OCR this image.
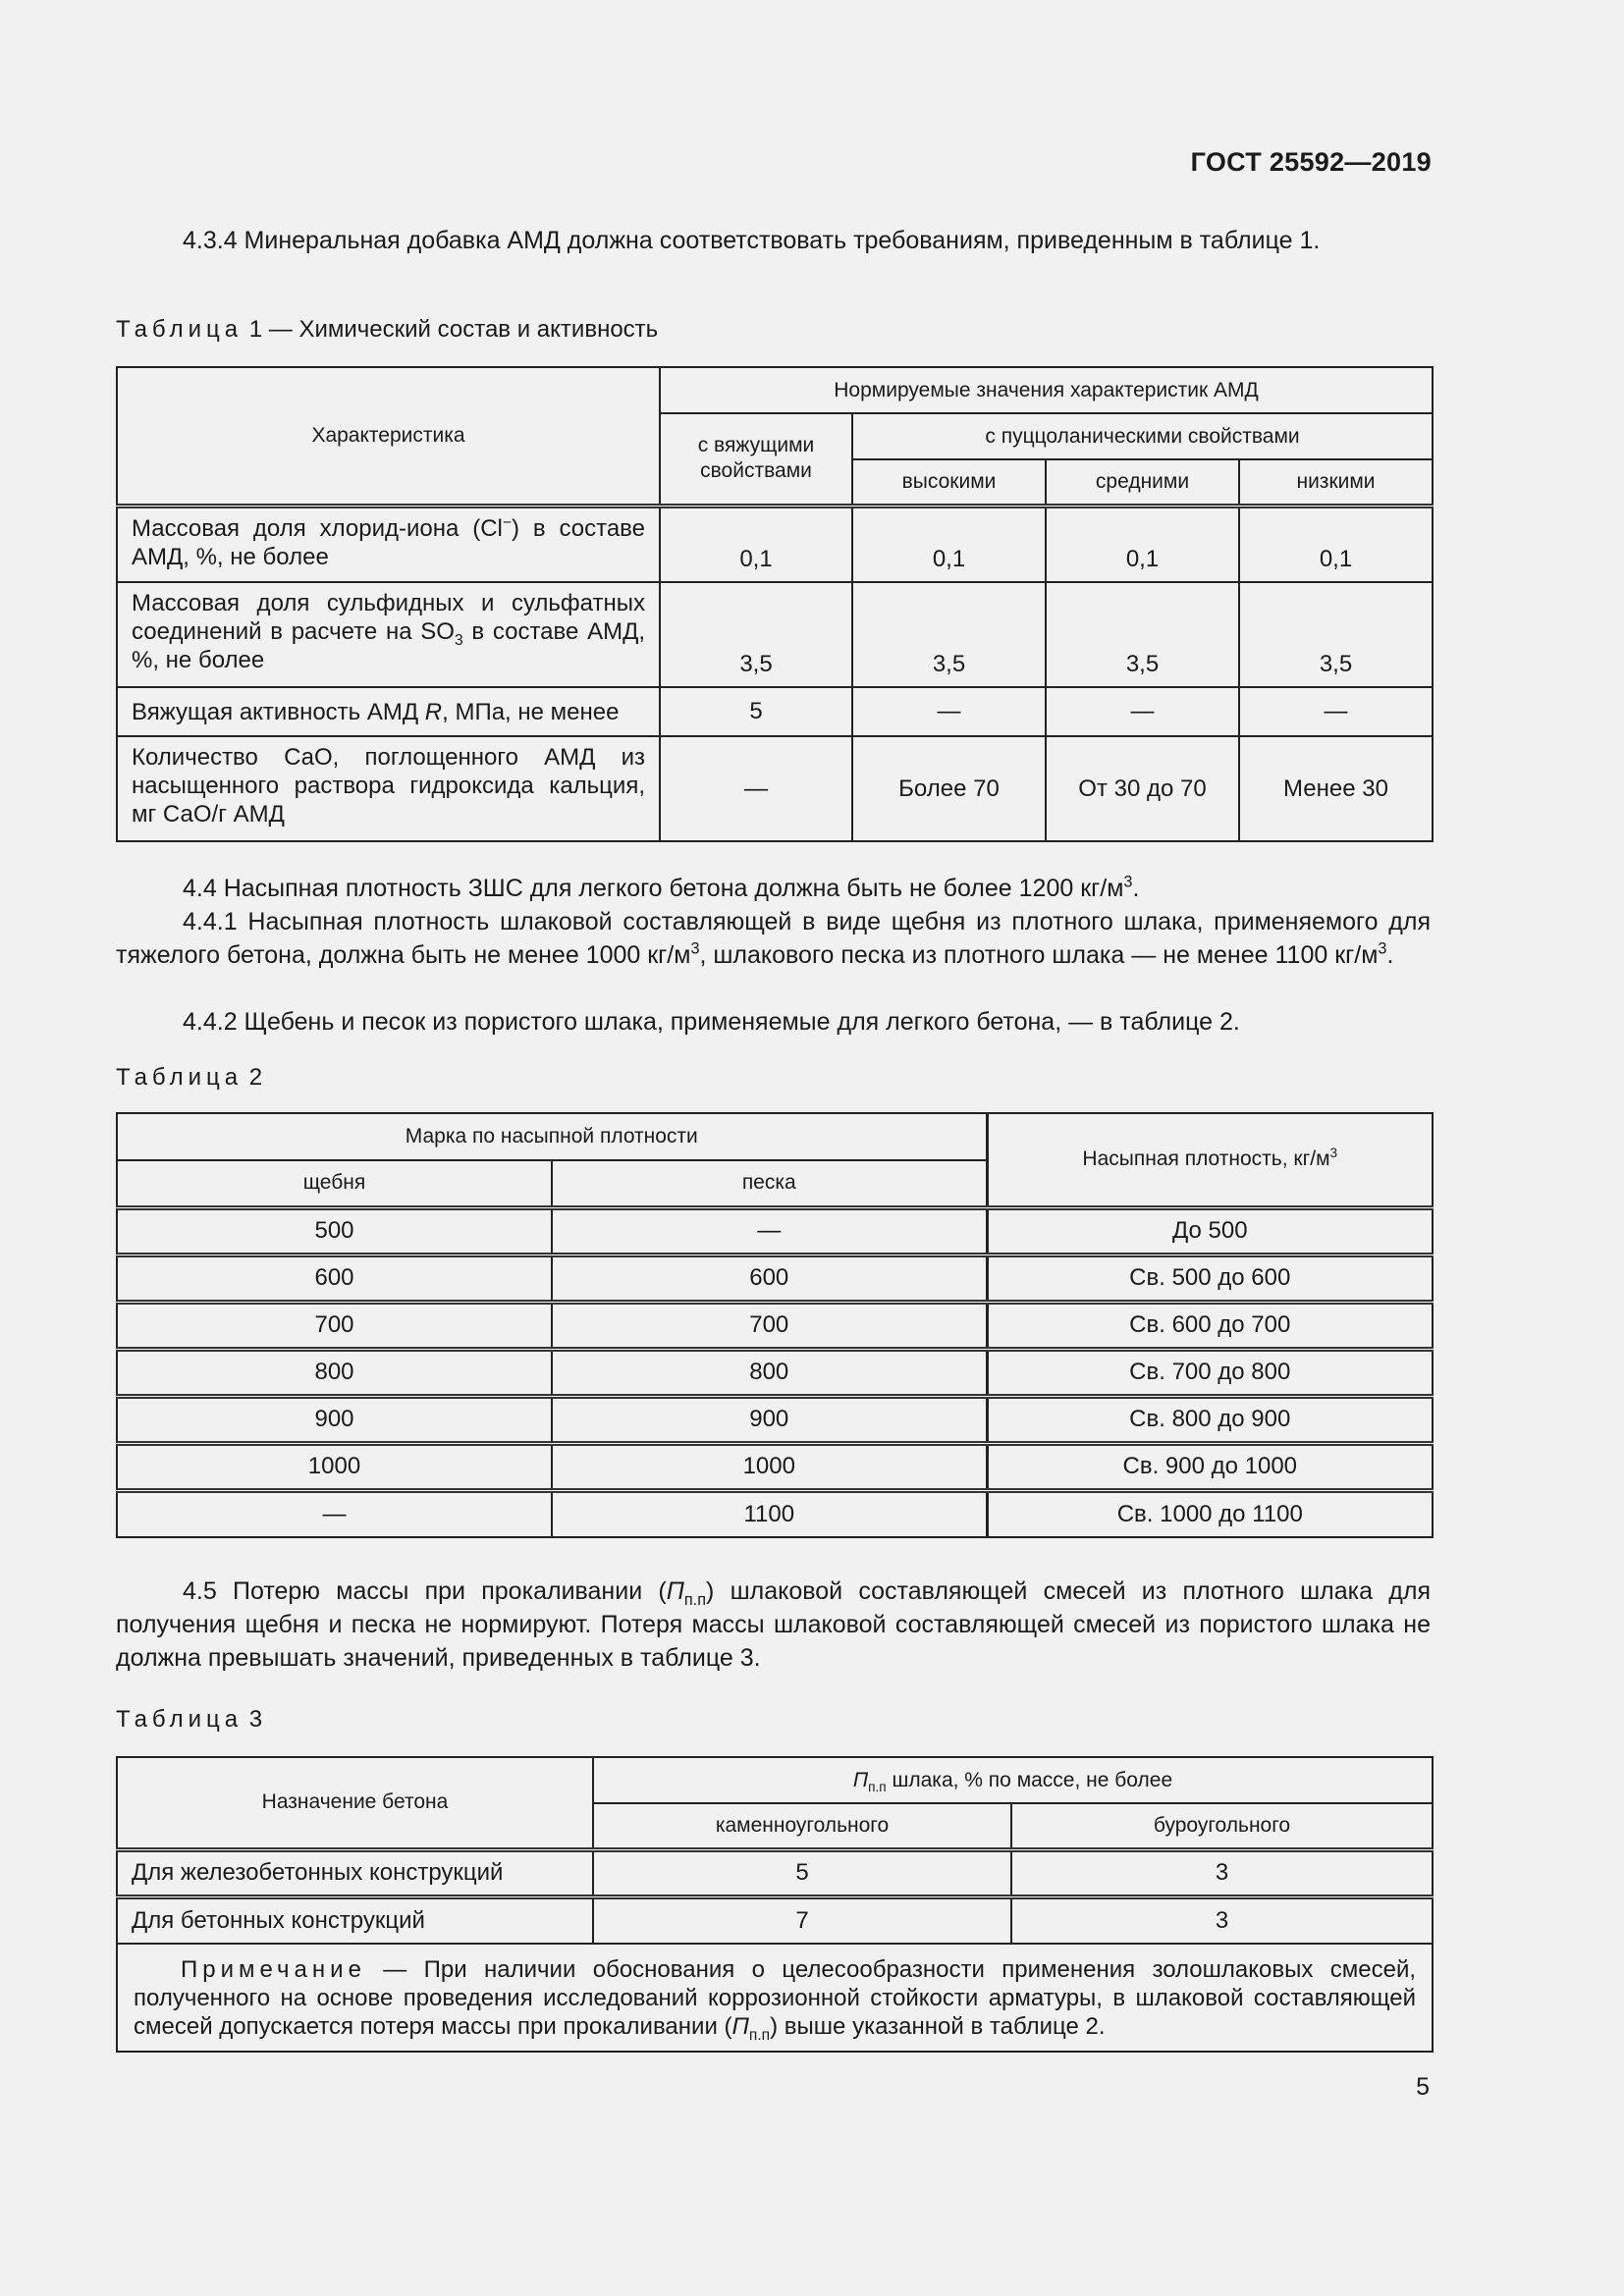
ГОСТ 25592—2019
4.3.4 Минеральная добавка АМД должна соответствовать требованиям, приведенным в таблице 1.
Таблица 1 — Химический состав и активность
Характеристика	Нормируемые значения характеристик АМД			
	с вяжущими свойствами	с пуццоланическими свойствами		
		высокими	средними	низкими
Массовая доля хлорид-иона (Cl−) в составе АМД, %, не более	0,1	0,1	0,1	0,1
Массовая доля сульфидных и сульфатных соединений в расчете на $SO_3$ в составе АМД, %, не более	3,5	3,5	3,5	3,5
Вяжущая активность АМД R, МПа, не менее	5	—	—	—
Количество СаО, поглощенного АМД из насыщенного раствора гидроксида кальция, мг СаО/г АМД	—	Более 70	От 30 до 70	Менее 30
4.4 Насыпная плотность ЗШС для легкого бетона должна быть не более 1200 $кг/м^3$.
4.4.1 Насыпная плотность шлаковой составляющей в виде щебня из плотного шлака, применяемого для тяжелого бетона, должна быть не менее 1000 $кг/м^3$, шлакового песка из плотного шлака — не менее 1100 $кг/м^3$.
4.4.2 Щебень и песок из пористого шлака, применяемые для легкого бетона, — в таблице 2.
Таблица 2
Марка по насыпной плотности		Насыпная плотность, $кг/м^3$
щебня	песка	
500	—	До 500
600	600	Св. 500 до 600
700	700	Св. 600 до 700
800	800	Св. 700 до 800
900	900	Св. 800 до 900
1000	1000	Св. 900 до 1000
—	1100	Св. 1000 до 1100
4.5 Потерю массы при прокаливании $(П_{п.п})$ шлаковой составляющей смесей из плотного шлака для получения щебня и песка не нормируют. Потеря массы шлаковой составляющей смесей из пористого шлака не должна превышать значений, приведенных в таблице 3.
Таблица 3
Назначение бетона	$П_{п.п}$ шлака, % по массе, не более	
	каменноугольного	буроугольного
Для железобетонных конструкций	5	3
Для бетонных конструкций	7	3
Примечание — При наличии обоснования о целесообразности применения золошлаковых смесей, полученного на основе проведения исследований коррозионной стойкости арматуры, в шлаковой составляющей смесей допускается потеря массы при прокаливании $(П_{п.п})$ выше указанной в таблице 2.		
5
